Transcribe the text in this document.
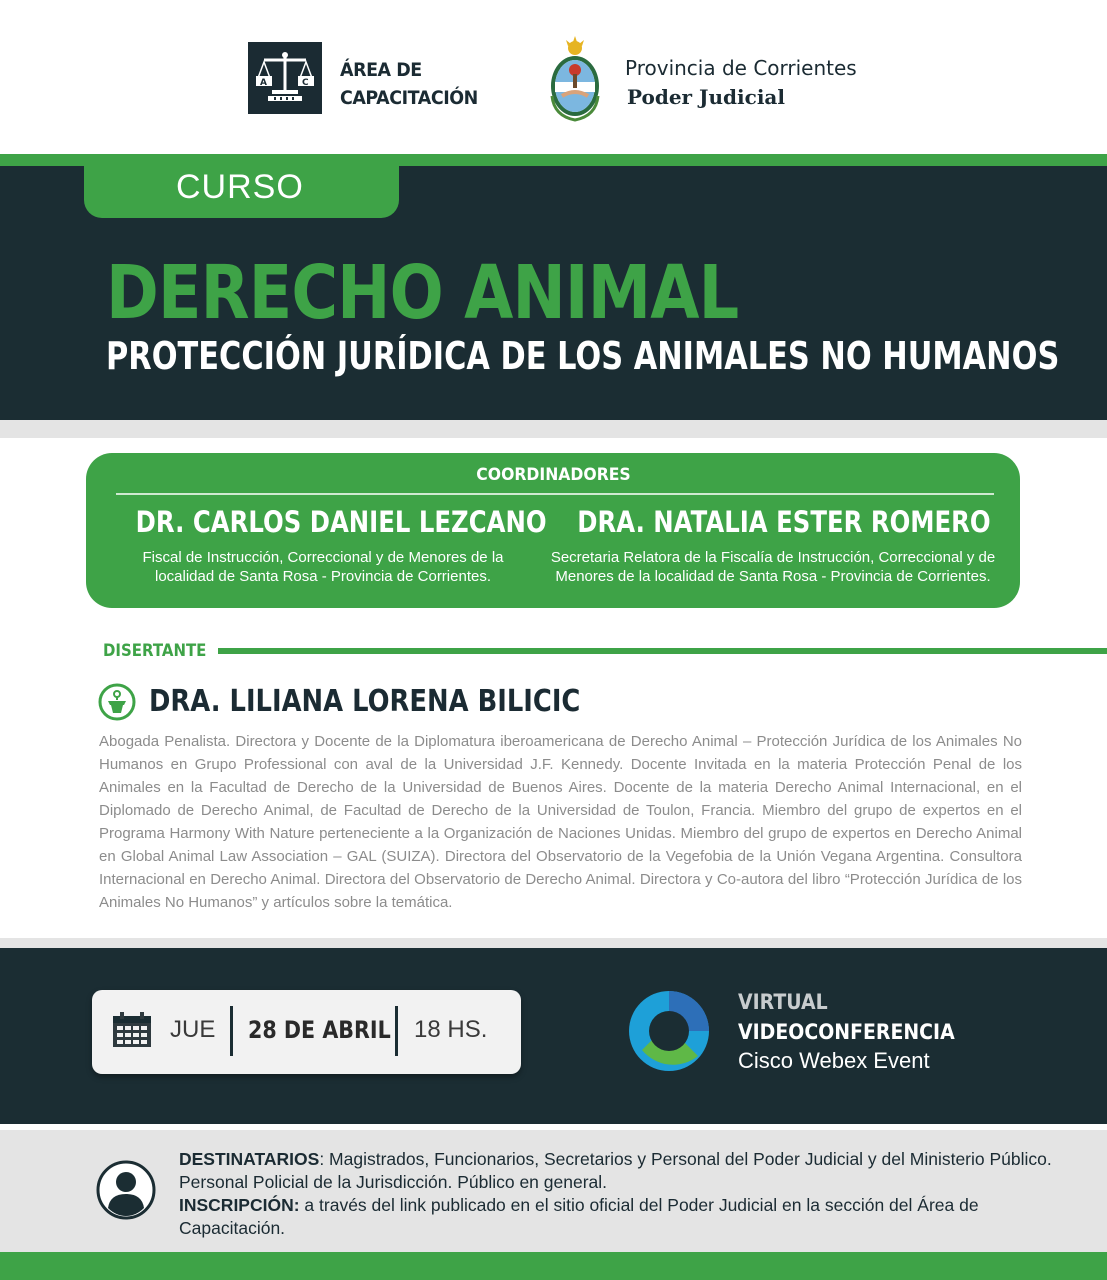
A	C
ÁREA DE
CAPACITACIÓN
Provincia de Corrientes
Poder Judicial
CURSO
DERECHO ANIMAL
PROTECCIÓN JURÍDICA DE LOS ANIMALES NO HUMANOS
COORDINADORES
DR. CARLOS DANIEL LEZCANO
Fiscal de Instrucción, Correccional y de Menores de la
localidad de Santa Rosa - Provincia de Corrientes.
DRA. NATALIA ESTER ROMERO
Secretaria Relatora de la Fiscalía de Instrucción, Correccional y de
Menores de la localidad de Santa Rosa - Provincia de Corrientes.
DISERTANTE
DRA. LILIANA LORENA BILICIC
Abogada Penalista. Directora y Docente de la Diplomatura iberoamericana de Derecho Animal – Protección Jurídica de los Animales No Humanos en Grupo Professional con aval de la Universidad J.F. Kennedy. Docente Invitada en la materia Protección Penal de los Animales en la Facultad de Derecho de la Universidad de Buenos Aires. Docente de la materia Derecho Animal Internacional, en el Diplomado de Derecho Animal, de Facultad de Derecho de la Universidad de Toulon, Francia. Miembro del grupo de expertos en el Programa Harmony With Nature perteneciente a la Organización de Naciones Unidas. Miembro del grupo de expertos en Derecho Animal en Global Animal Law Association – GAL (SUIZA). Directora del Observatorio de la Vegefobia de la Unión Vegana Argentina. Consultora Internacional en Derecho Animal. Directora del Observatorio de Derecho Animal. Directora y Co-autora del libro “Protección Jurídica de los Animales No Humanos” y artículos sobre la temática.
JUE 28 DE ABRIL 18 HS.
VIRTUAL
VIDEOCONFERENCIA
Cisco Webex Event
DESTINATARIOS: Magistrados, Funcionarios, Secretarios y Personal del Poder Judicial y del Ministerio Público. Personal Policial de la Jurisdicción. Público en general.
INSCRIPCIÓN: a través del link publicado en el sitio oficial del Poder Judicial en la sección del Área de Capacitación.
